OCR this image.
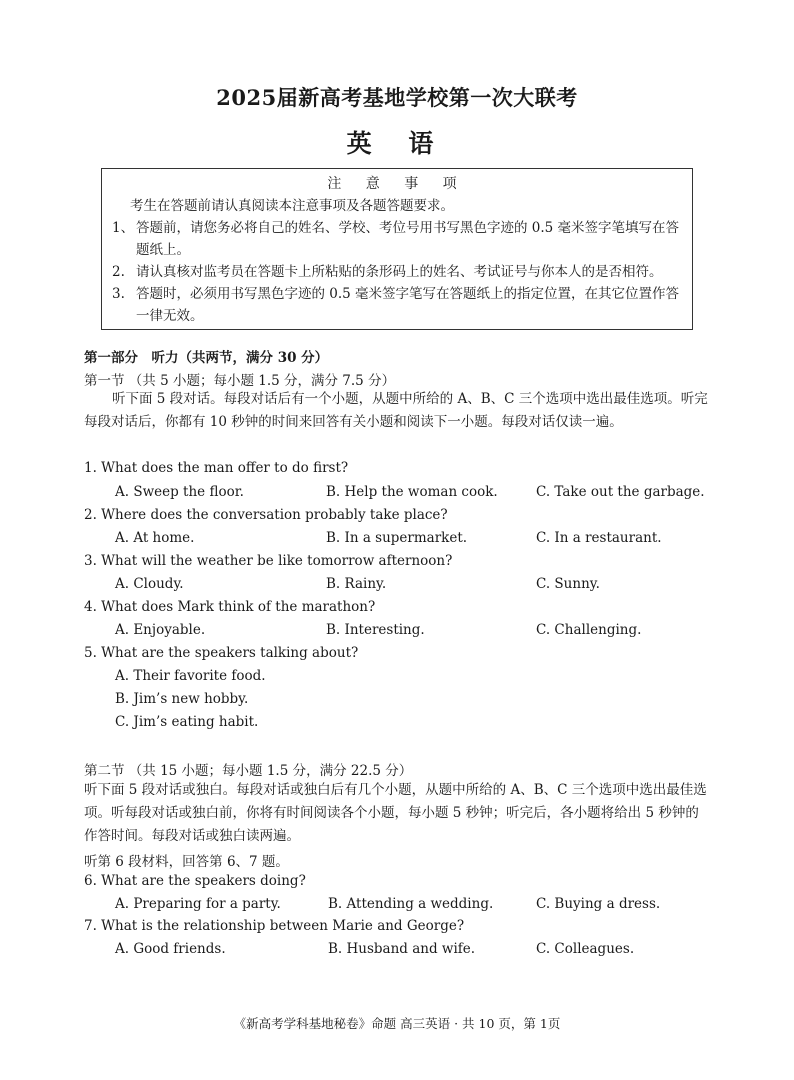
2025届新高考基地学校第一次大联考
英 语
注 意 事 项
考生在答题前请认真阅读本注意事项及各题答题要求。
1、 答题前，请您务必将自己的姓名、学校、考位号用书写黑色字迹的 0.5 毫米签字笔填写在答题纸上。
2. 请认真核对监考员在答题卡上所粘贴的条形码上的姓名、考试证号与你本人的是否相符。
3. 答题时，必须用书写黑色字迹的 0.5 毫米签字笔写在答题纸上的指定位置，在其它位置作答一律无效。
第一部分　听力（共两节，满分 30 分）
第一节 （共 5 小题；每小题 1.5 分，满分 7.5 分）
听下面 5 段对话。每段对话后有一个小题，从题中所给的 A、B、C 三个选项中选出最佳选项。听完每段对话后，你都有 10 秒钟的时间来回答有关小题和阅读下一小题。每段对话仅读一遍。
1. What does the man offer to do first?
A. Sweep the floor.	B. Help the woman cook.	C. Take out the garbage.
2. Where does the conversation probably take place?
A. At home.	B. In a supermarket.	C. In a restaurant.
3. What will the weather be like tomorrow afternoon?
A. Cloudy.	B. Rainy.	C. Sunny.
4. What does Mark think of the marathon?
A. Enjoyable.	B. Interesting.	C. Challenging.
5. What are the speakers talking about?
A. Their favorite food.
B. Jim’s new hobby.
C. Jim’s eating habit.
第二节 （共 15 小题；每小题 1.5 分，满分 22.5 分）
听下面 5 段对话或独白。每段对话或独白后有几个小题，从题中所给的 A、B、C 三个选项中选出最佳选项。听每段对话或独白前，你将有时间阅读各个小题，每小题 5 秒钟；听完后，各小题将给出 5 秒钟的作答时间。每段对话或独白读两遍。
听第 6 段材料，回答第 6、7 题。
6. What are the speakers doing?
A. Preparing for a party.	B. Attending a wedding.	C. Buying a dress.
7. What is the relationship between Marie and George?
A. Good friends.	B. Husband and wife.	C. Colleagues.
《新高考学科基地秘卷》命题 高三英语 · 共 10 页，第 1页
